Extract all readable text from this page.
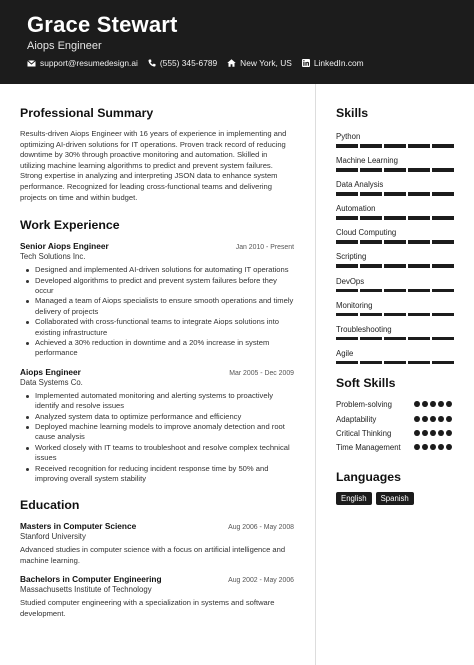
Grace Stewart
Aiops Engineer
support@resumedesign.ai	(555) 345-6789	New York, US	LinkedIn.com
Professional Summary
Results-driven Aiops Engineer with 16 years of experience in implementing and optimizing AI-driven solutions for IT operations. Proven track record of reducing downtime by 30% through proactive monitoring and automation. Skilled in utilizing machine learning algorithms to predict and prevent system failures. Strong expertise in analyzing and interpreting JSON data to enhance system performance. Recognized for leading cross-functional teams and delivering projects on time and within budget.
Work Experience
Senior Aiops Engineer	Jan 2010 - Present
Tech Solutions Inc.
Designed and implemented AI-driven solutions for automating IT operations
Developed algorithms to predict and prevent system failures before they occur
Managed a team of Aiops specialists to ensure smooth operations and timely delivery of projects
Collaborated with cross-functional teams to integrate Aiops solutions into existing infrastructure
Achieved a 30% reduction in downtime and a 20% increase in system performance
Aiops Engineer	Mar 2005 - Dec 2009
Data Systems Co.
Implemented automated monitoring and alerting systems to proactively identify and resolve issues
Analyzed system data to optimize performance and efficiency
Deployed machine learning models to improve anomaly detection and root cause analysis
Worked closely with IT teams to troubleshoot and resolve complex technical issues
Received recognition for reducing incident response time by 50% and improving overall system stability
Education
Masters in Computer Science	Aug 2006 - May 2008
Stanford University
Advanced studies in computer science with a focus on artificial intelligence and machine learning.
Bachelors in Computer Engineering	Aug 2002 - May 2006
Massachusetts Institute of Technology
Studied computer engineering with a specialization in systems and software development.
Skills
Python
Machine Learning
Data Analysis
Automation
Cloud Computing
Scripting
DevOps
Monitoring
Troubleshooting
Agile
Soft Skills
Problem-solving
Adaptability
Critical Thinking
Time Management
Languages
English	Spanish
